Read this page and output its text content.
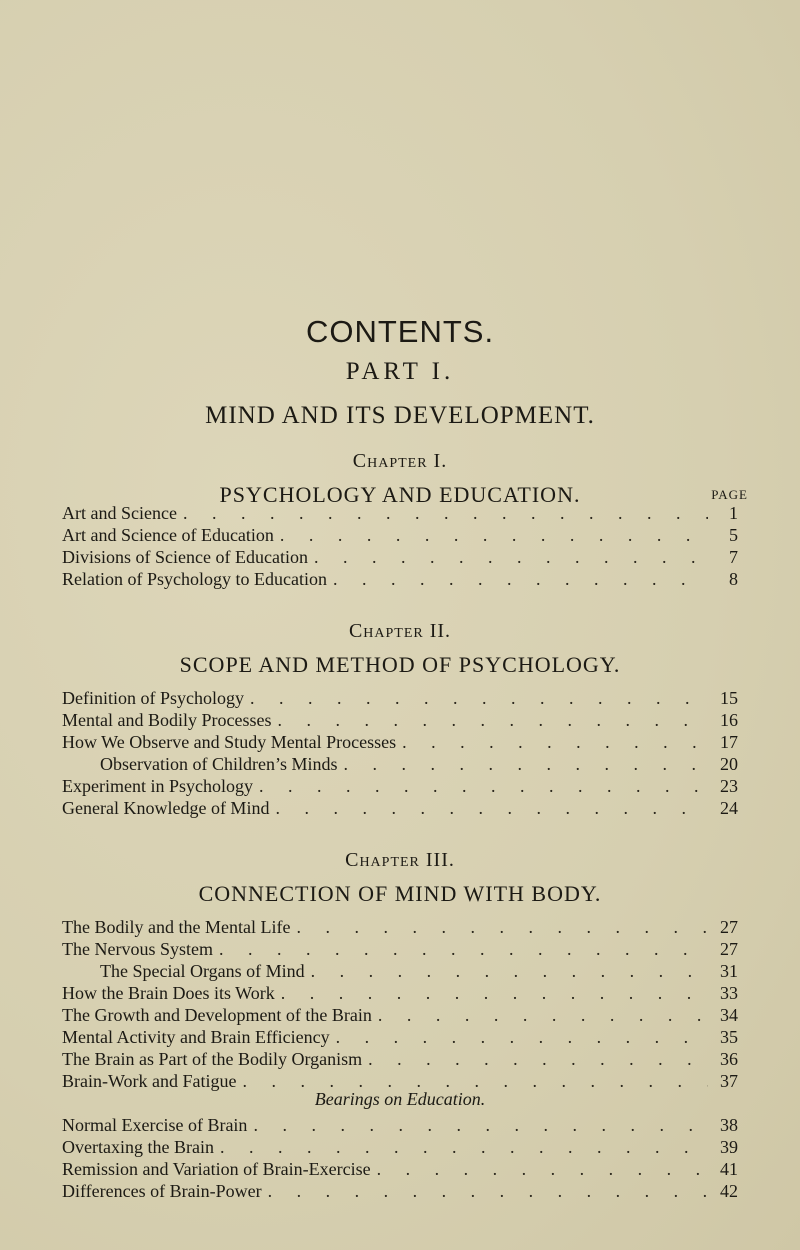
CONTENTS.
PART I.
MIND AND ITS DEVELOPMENT.
Chapter I.
PSYCHOLOGY AND EDUCATION.	PAGE
Art and Science . . .	1
Art and Science of Education . . .	5
Divisions of Science of Education . . .	7
Relation of Psychology to Education . . .	8
Chapter II.
SCOPE AND METHOD OF PSYCHOLOGY.
Definition of Psychology . . .	15
Mental and Bodily Processes . . .	16
How We Observe and Study Mental Processes . . .	17
Observation of Children’s Minds . . .	20
Experiment in Psychology . . .	23
General Knowledge of Mind . . .	24
Chapter III.
CONNECTION OF MIND WITH BODY.
The Bodily and the Mental Life . . .	27
The Nervous System . . .	27
The Special Organs of Mind . . .	31
How the Brain Does its Work . . .	33
The Growth and Development of the Brain . . .	34
Mental Activity and Brain Efficiency . . .	35
The Brain as Part of the Bodily Organism . . .	36
Brain-Work and Fatigue . . .	37
Bearings on Education.
Normal Exercise of Brain . . .	38
Overtaxing the Brain . . .	39
Remission and Variation of Brain-Exercise . . .	41
Differences of Brain-Power . . .	42
